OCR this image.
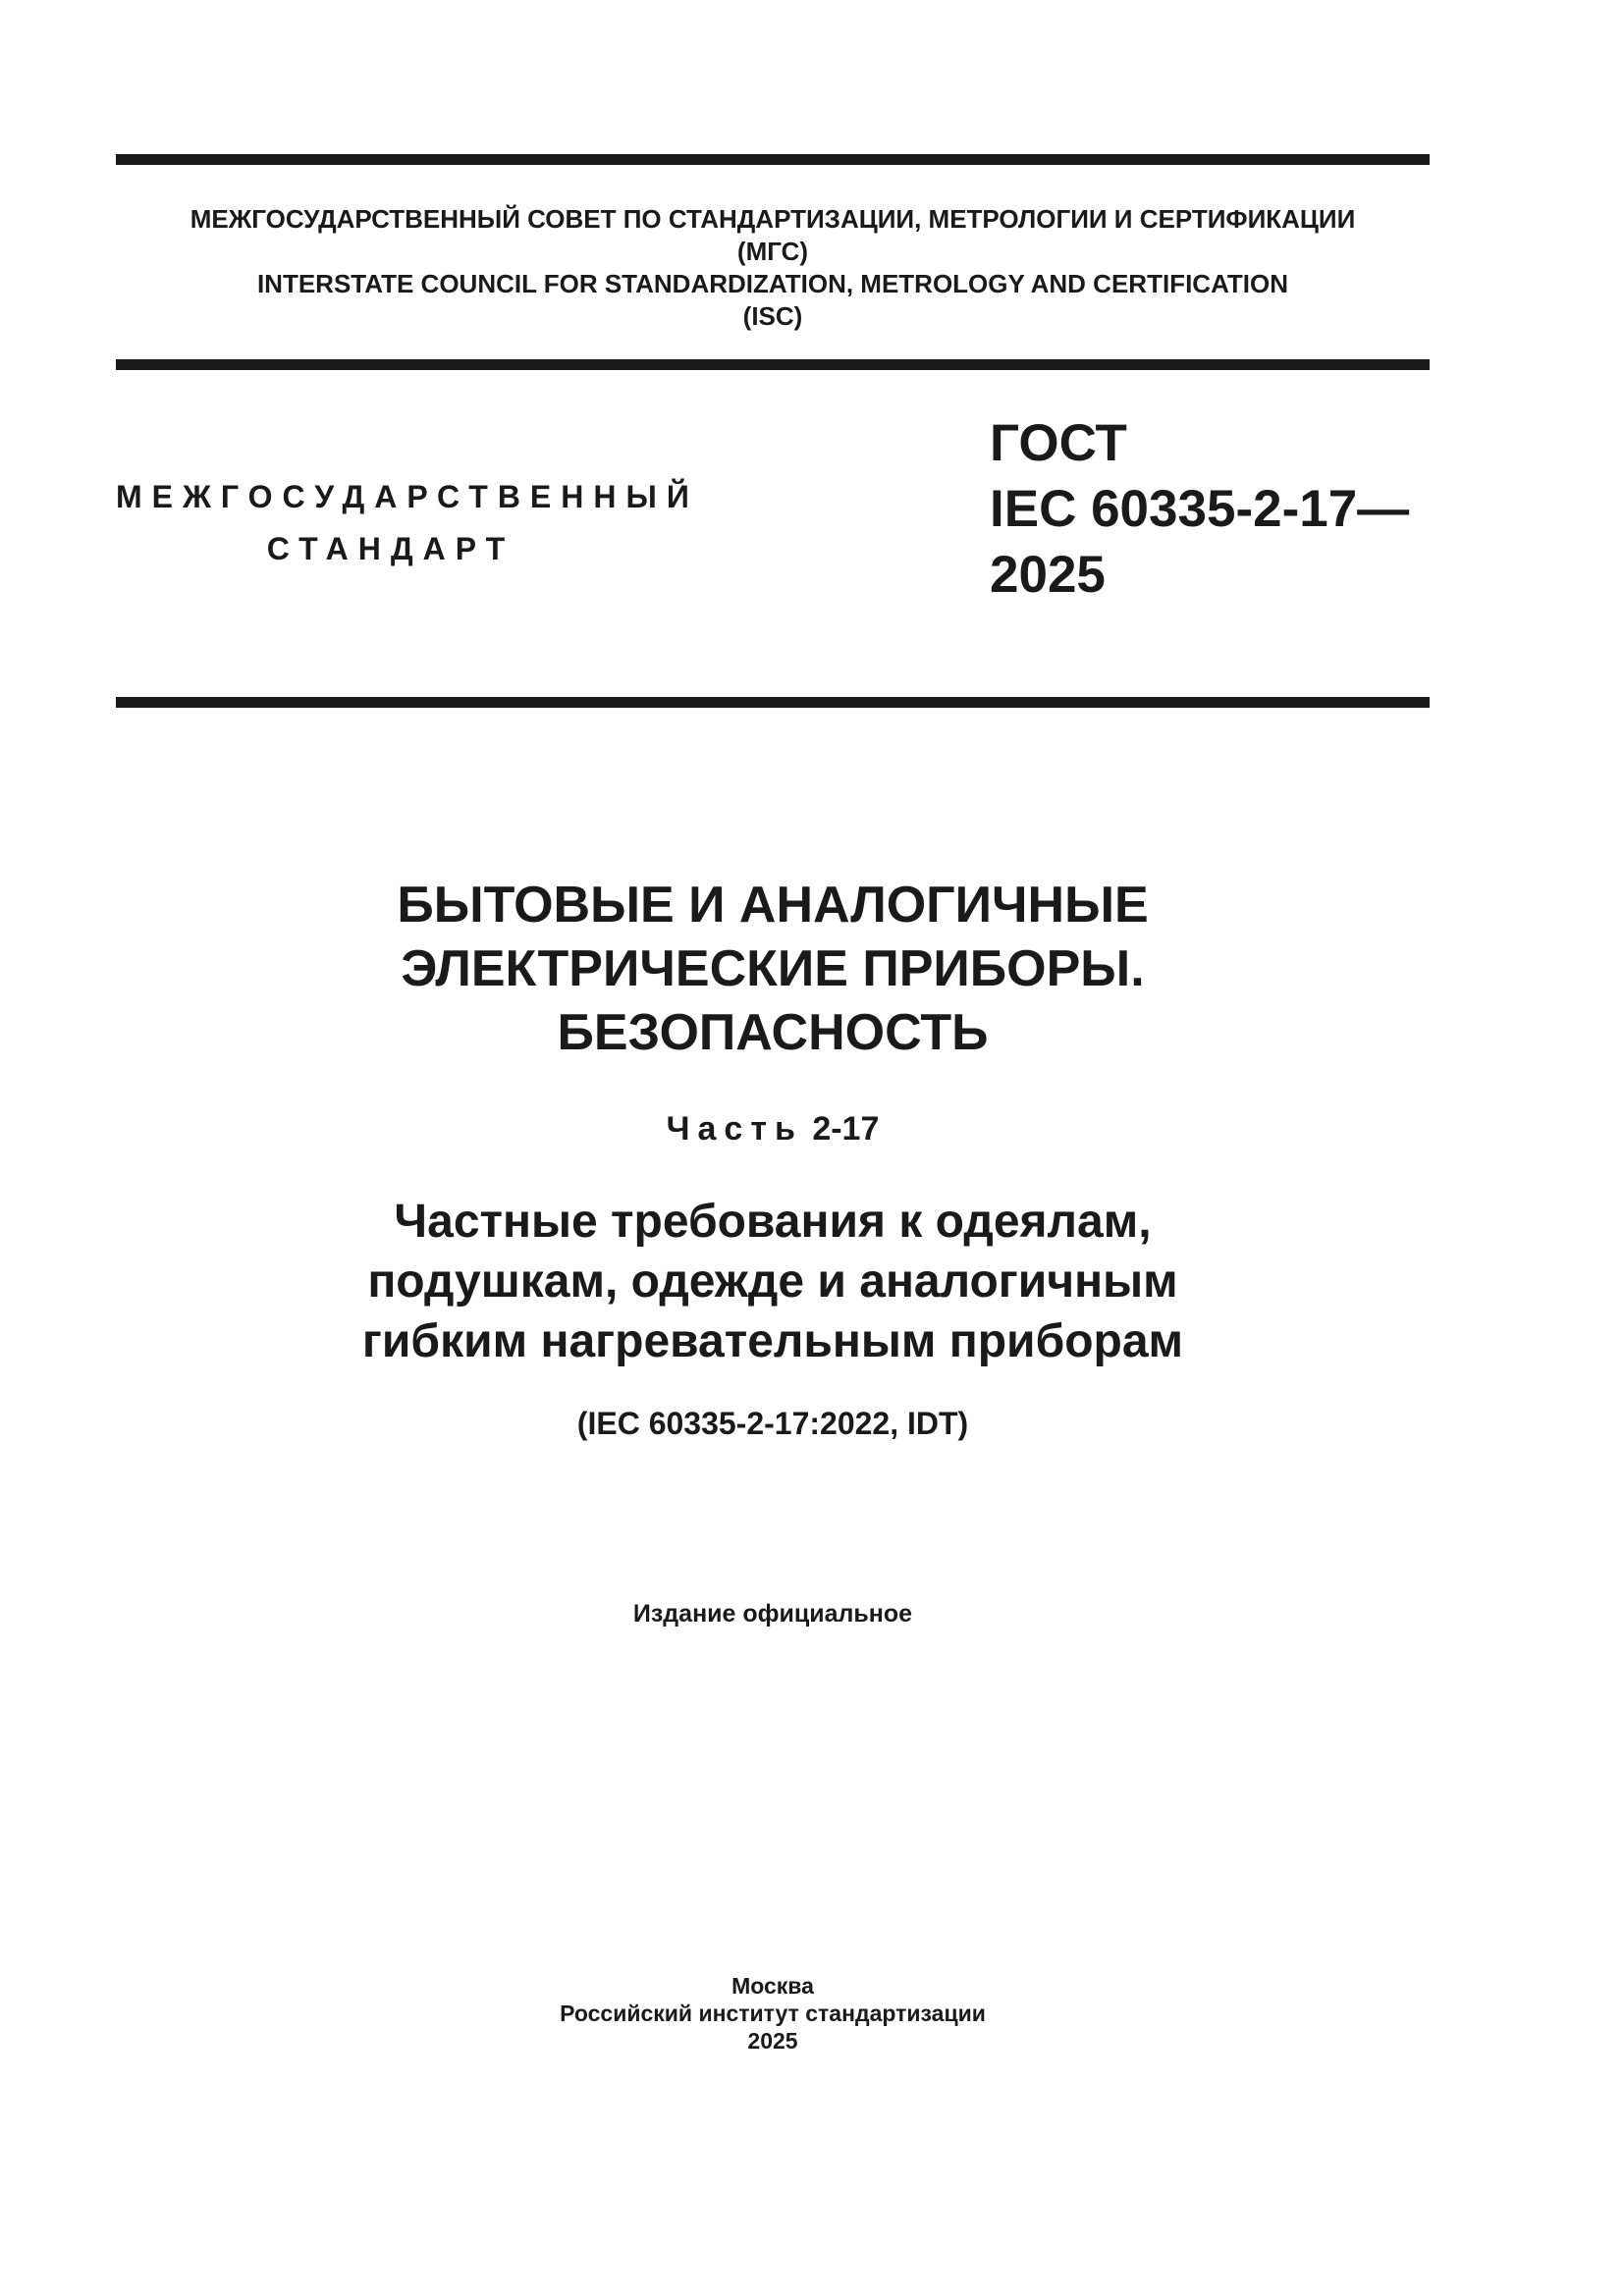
МЕЖГОСУДАРСТВЕННЫЙ СОВЕТ ПО СТАНДАРТИЗАЦИИ, МЕТРОЛОГИИ И СЕРТИФИКАЦИИ
(МГС)
INTERSTATE COUNCIL FOR STANDARDIZATION, METROLOGY AND CERTIFICATION
(ISC)
МЕЖГОСУДАРСТВЕННЫЙ
СТАНДАРТ
ГОСТ
IEC 60335-2-17—
2025
БЫТОВЫЕ И АНАЛОГИЧНЫЕ
ЭЛЕКТРИЧЕСКИЕ ПРИБОРЫ.
БЕЗОПАСНОСТЬ
Часть 2-17
Частные требования к одеялам,
подушкам, одежде и аналогичным
гибким нагревательным приборам
(IEC 60335-2-17:2022, IDT)
Издание официальное
Москва
Российский институт стандартизации
2025
